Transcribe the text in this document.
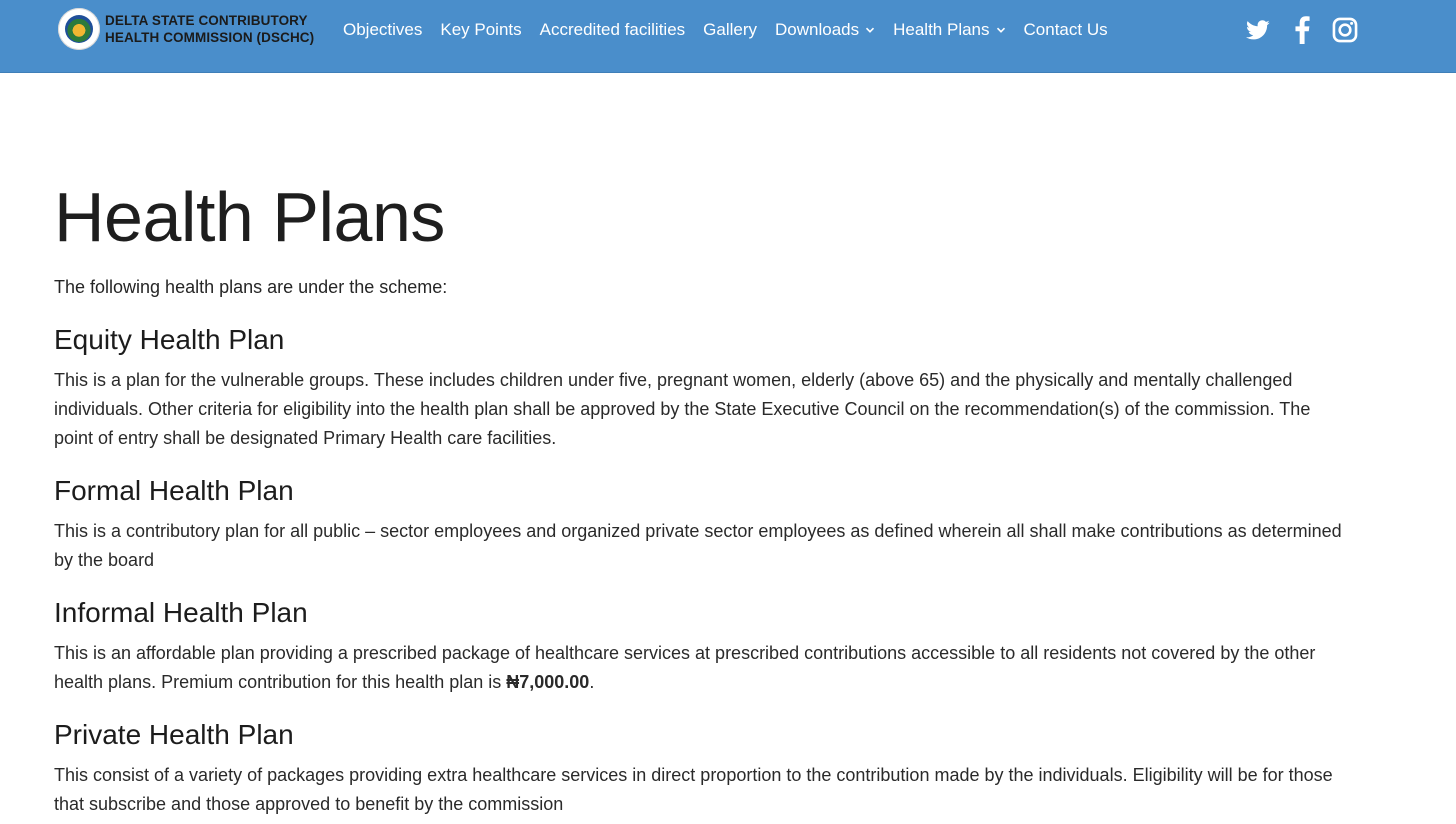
DELTA STATE CONTRIBUTORY
HEALTH COMMISSION (DSCHC) Objectives Key Points Accredited facilities Gallery Downloads Health Plans Contact Us
Health Plans

The following health plans are under the scheme:

Equity Health Plan

This is a plan for the vulnerable groups. These includes children under five, pregnant women, elderly (above 65) and the physically and mentally challenged individuals. Other criteria for eligibility into the health plan shall be approved by the State Executive Council on the recommendation(s) of the commission. The point of entry shall be designated Primary Health care facilities.

Formal Health Plan

This is a contributory plan for all public – sector employees and organized private sector employees as defined wherein all shall make contributions as determined by the board

Informal Health Plan

This is an affordable plan providing a prescribed package of healthcare services at prescribed contributions accessible to all residents not covered by the other health plans. Premium contribution for this health plan is ₦7,000.00.

Private Health Plan

This consist of a variety of packages providing extra healthcare services in direct proportion to the contribution made by the individuals. Eligibility will be for those that subscribe and those approved to benefit by the commission
